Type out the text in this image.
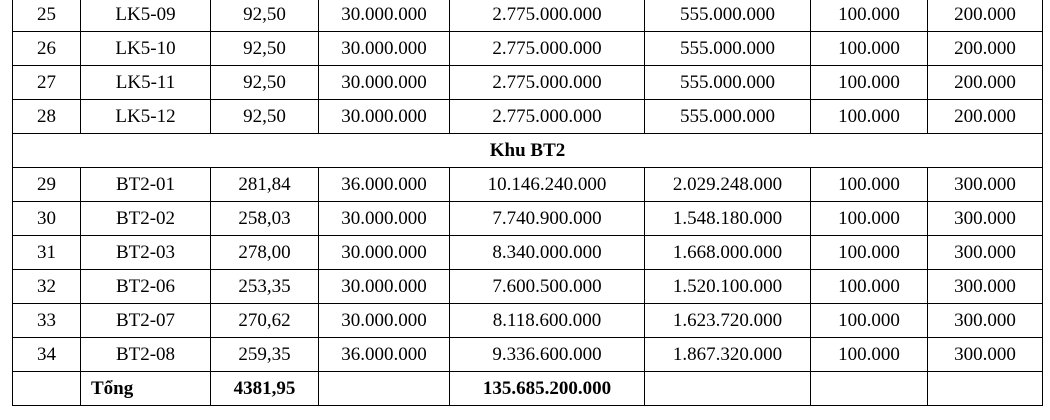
25	LK5-09	92,50	30.000.000	2.775.000.000	555.000.000	100.000	200.000
26	LK5-10	92,50	30.000.000	2.775.000.000	555.000.000	100.000	200.000
27	LK5-11	92,50	30.000.000	2.775.000.000	555.000.000	100.000	200.000
28	LK5-12	92,50	30.000.000	2.775.000.000	555.000.000	100.000	200.000
Khu BT2							
29	BT2-01	281,84	36.000.000	10.146.240.000	2.029.248.000	100.000	300.000
30	BT2-02	258,03	30.000.000	7.740.900.000	1.548.180.000	100.000	300.000
31	BT2-03	278,00	30.000.000	8.340.000.000	1.668.000.000	100.000	300.000
32	BT2-06	253,35	30.000.000	7.600.500.000	1.520.100.000	100.000	300.000
33	BT2-07	270,62	30.000.000	8.118.600.000	1.623.720.000	100.000	300.000
34	BT2-08	259,35	36.000.000	9.336.600.000	1.867.320.000	100.000	300.000
	Tổng	4381,95		135.685.200.000			
